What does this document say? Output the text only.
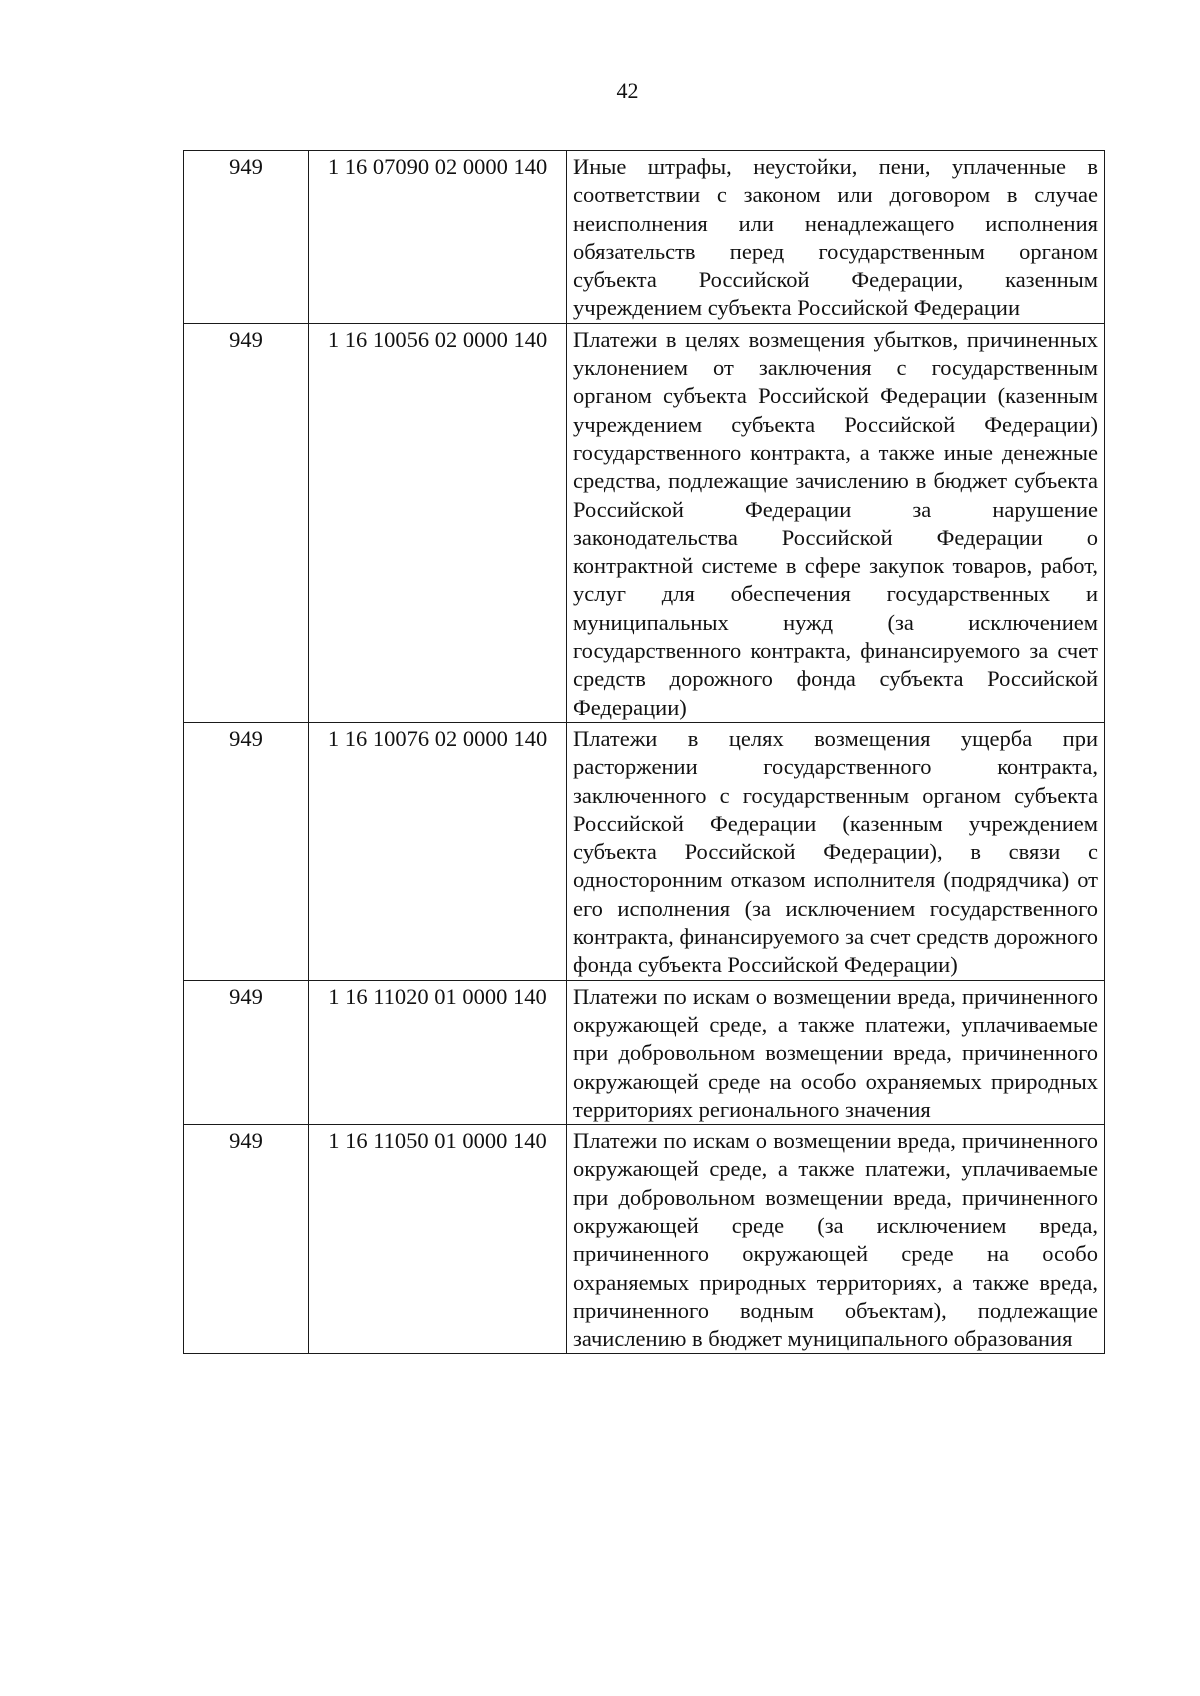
42
949	1 16 07090 02 0000 140	Иные штрафы, неустойки, пени, уплаченные в соответствии с законом или договором в случае неисполнения или ненадлежащего исполнения обязательств перед государственным органом субъекта Российской Федерации, казенным учреждением субъекта Российской Федерации
949	1 16 10056 02 0000 140	Платежи в целях возмещения убытков, причиненных уклонением от заключения с государственным органом субъекта Российской Федерации (казенным учреждением субъекта Российской Федерации) государственного контракта, а также иные денежные средства, подлежащие зачислению в бюджет субъекта Российской Федерации за нарушение законодательства Российской Федерации о контрактной системе в сфере закупок товаров, работ, услуг для обеспечения государственных и муниципальных нужд (за исключением государственного контракта, финансируемого за счет средств дорожного фонда субъекта Российской Федерации)
949	1 16 10076 02 0000 140	Платежи в целях возмещения ущерба при расторжении государственного контракта, заключенного с государственным органом субъекта Российской Федерации (казенным учреждением субъекта Российской Федерации), в связи с односторонним отказом исполнителя (подрядчика) от его исполнения (за исключением государственного контракта, финансируемого за счет средств дорожного фонда субъекта Российской Федерации)
949	1 16 11020 01 0000 140	Платежи по искам о возмещении вреда, причиненного окружающей среде, а также платежи, уплачиваемые при добровольном возмещении вреда, причиненного окружающей среде на особо охраняемых природных территориях регионального значения
949	1 16 11050 01 0000 140	Платежи по искам о возмещении вреда, причиненного окружающей среде, а также платежи, уплачиваемые при добровольном возмещении вреда, причиненного окружающей среде (за исключением вреда, причиненного окружающей среде на особо охраняемых природных территориях, а также вреда, причиненного водным объектам), подлежащие зачислению в бюджет муниципального образования
